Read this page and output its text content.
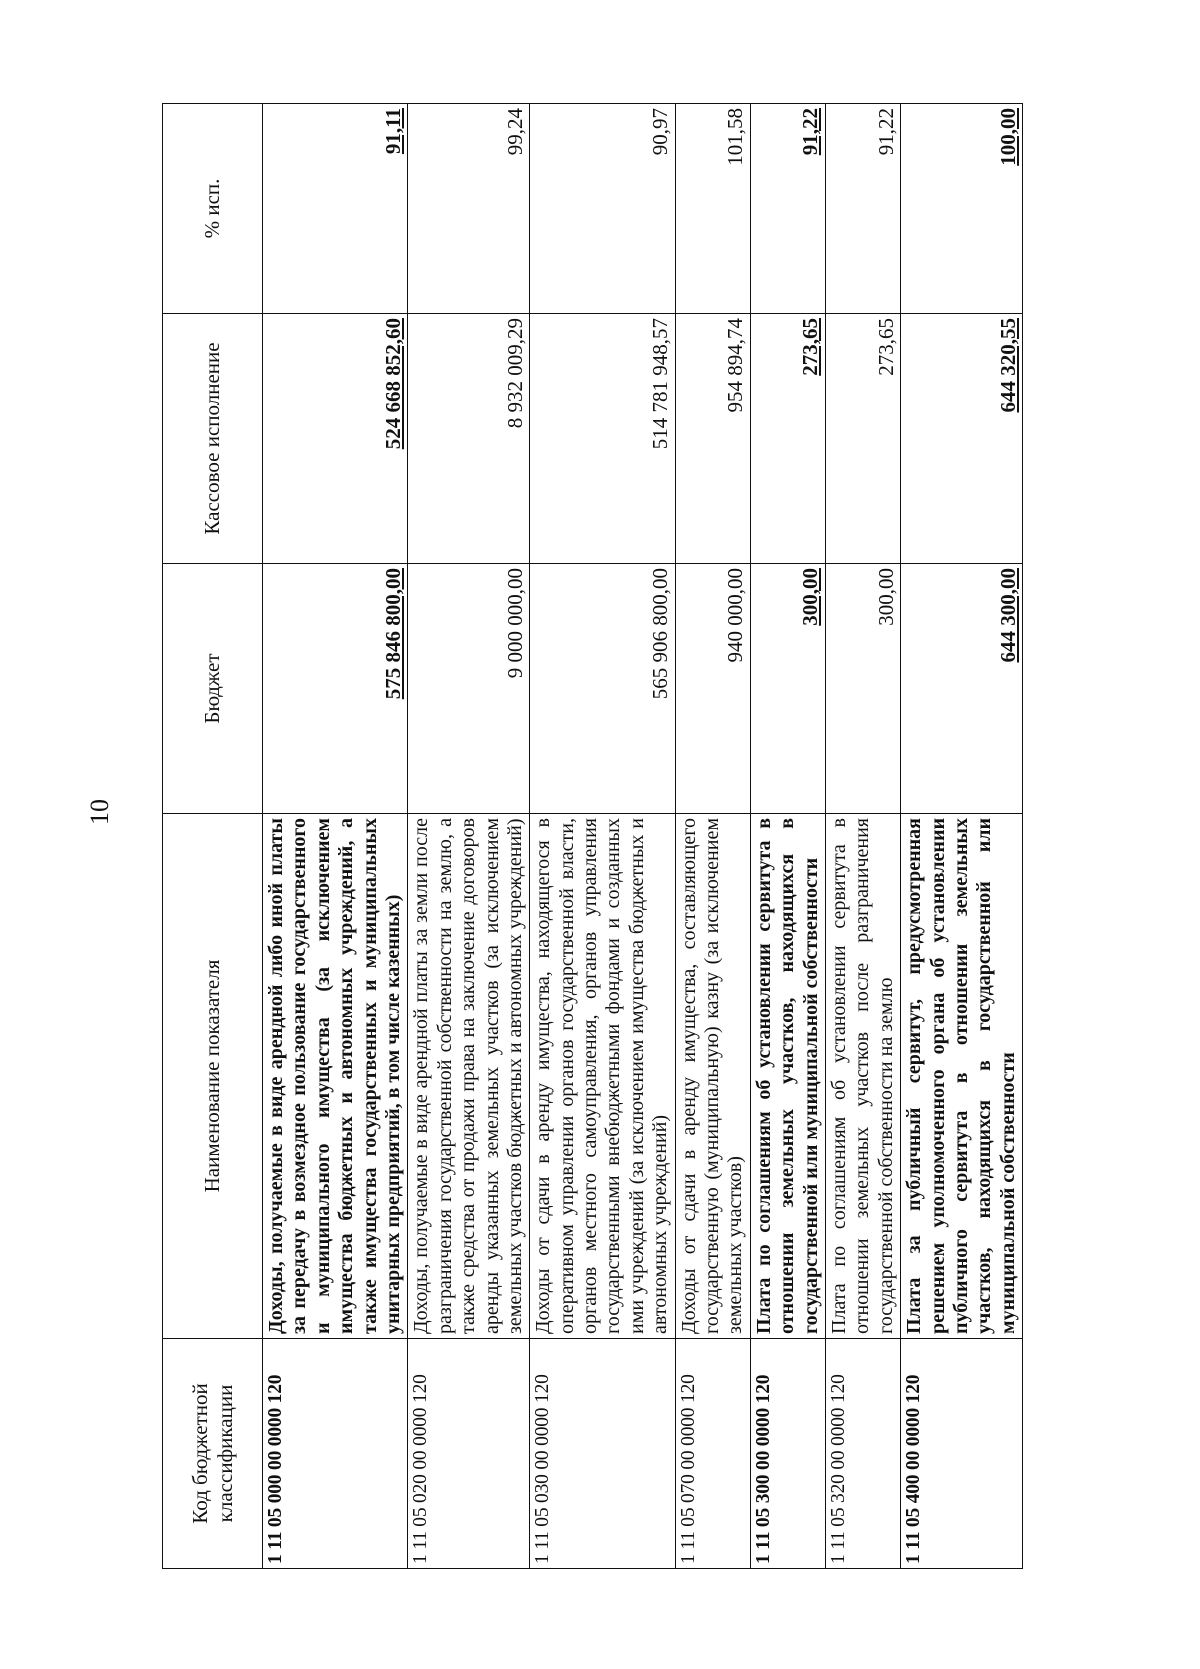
10
Код бюджетной классификации	Наименование показателя	Бюджет	Кассовое исполнение	% исп.
1 11 05 000 00 0000 120	Доходы, получаемые в виде арендной либо иной платы за передачу в возмездное пользование государственного и муниципального имущества (за исключением имущества бюджетных и автономных учреждений, а также имущества государственных и муниципальных унитарных предприятий, в том числе казенных)	575 846 800,00	524 668 852,60	91,11
1 11 05 020 00 0000 120	Доходы, получаемые в виде арендной платы за земли после разграничения государственной собственности на землю, а также средства от продажи права на заключение договоров аренды указанных земельных участков (за исключением земельных участков бюджетных и автономных учреждений)	9 000 000,00	8 932 009,29	99,24
1 11 05 030 00 0000 120	Доходы от сдачи в аренду имущества, находящегося в оперативном управлении органов государственной власти, органов местного самоуправления, органов управления государственными внебюджетными фондами и созданных ими учреждений (за исключением имущества бюджетных и автономных учреждений)	565 906 800,00	514 781 948,57	90,97
1 11 05 070 00 0000 120	Доходы от сдачи в аренду имущества, составляющего государственную (муниципальную) казну (за исключением земельных участков)	940 000,00	954 894,74	101,58
1 11 05 300 00 0000 120	Плата по соглашениям об установлении сервитута в отношении земельных участков, находящихся в государственной или муниципальной собственности	300,00	273,65	91,22
1 11 05 320 00 0000 120	Плата по соглашениям об установлении сервитута в отношении земельных участков после разграничения государственной собственности на землю	300,00	273,65	91,22
1 11 05 400 00 0000 120	Плата за публичный сервитут, предусмотренная решением уполномоченного органа об установлении публичного сервитута в отношении земельных участков, находящихся в государственной или муниципальной собственности	644 300,00	644 320,55	100,00
